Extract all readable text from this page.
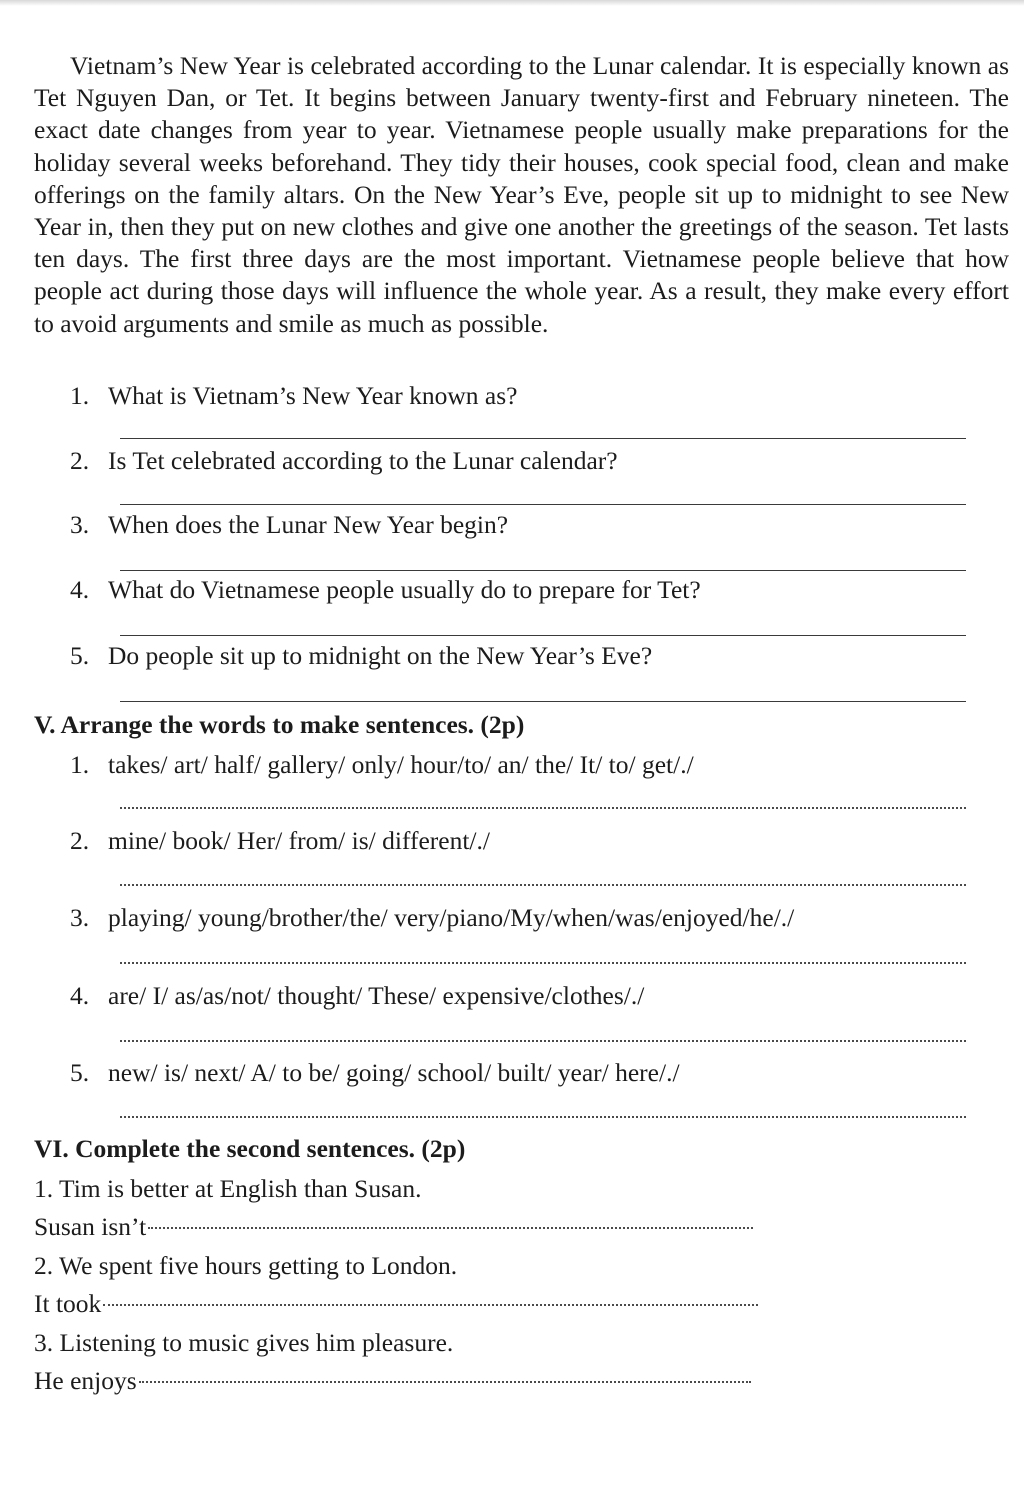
Vietnam’s New Year is celebrated according to the Lunar calendar. It is especially known as Tet Nguyen Dan, or Tet. It begins between January twenty-first and February nineteen. The exact date changes from year to year. Vietnamese people usually make preparations for the holiday several weeks beforehand. They tidy their houses, cook special food, clean and make offerings on the family altars. On the New Year’s Eve, people sit up to midnight to see New Year in, then they put on new clothes and give one another the greetings of the season. Tet lasts ten days. The first three days are the most important. Vietnamese people believe that how people act during those days will influence the whole year. As a result, they make every effort to avoid arguments and smile as much as possible.

1. What is Vietnam’s New Year known as?
2. Is Tet celebrated according to the Lunar calendar?
3. When does the Lunar New Year begin?
4. What do Vietnamese people usually do to prepare for Tet?
5. Do people sit up to midnight on the New Year’s Eve?
V. Arrange the words to make sentences. (2p)
1. takes/ art/ half/ gallery/ only/ hour/to/ an/ the/ It/ to/ get/./
2. mine/ book/ Her/ from/ is/ different/./
3. playing/ young/brother/the/ very/piano/My/when/was/enjoyed/he/./
4. are/ I/ as/as/not/ thought/ These/ expensive/clothes/./
5. new/ is/ next/ A/ to be/ going/ school/ built/ year/ here/./
VI. Complete the second sentences. (2p)
1. Tim is better at English than Susan.
Susan isn’t
2. We spent five hours getting to London.
It took
3. Listening to music gives him pleasure.
He enjoys
